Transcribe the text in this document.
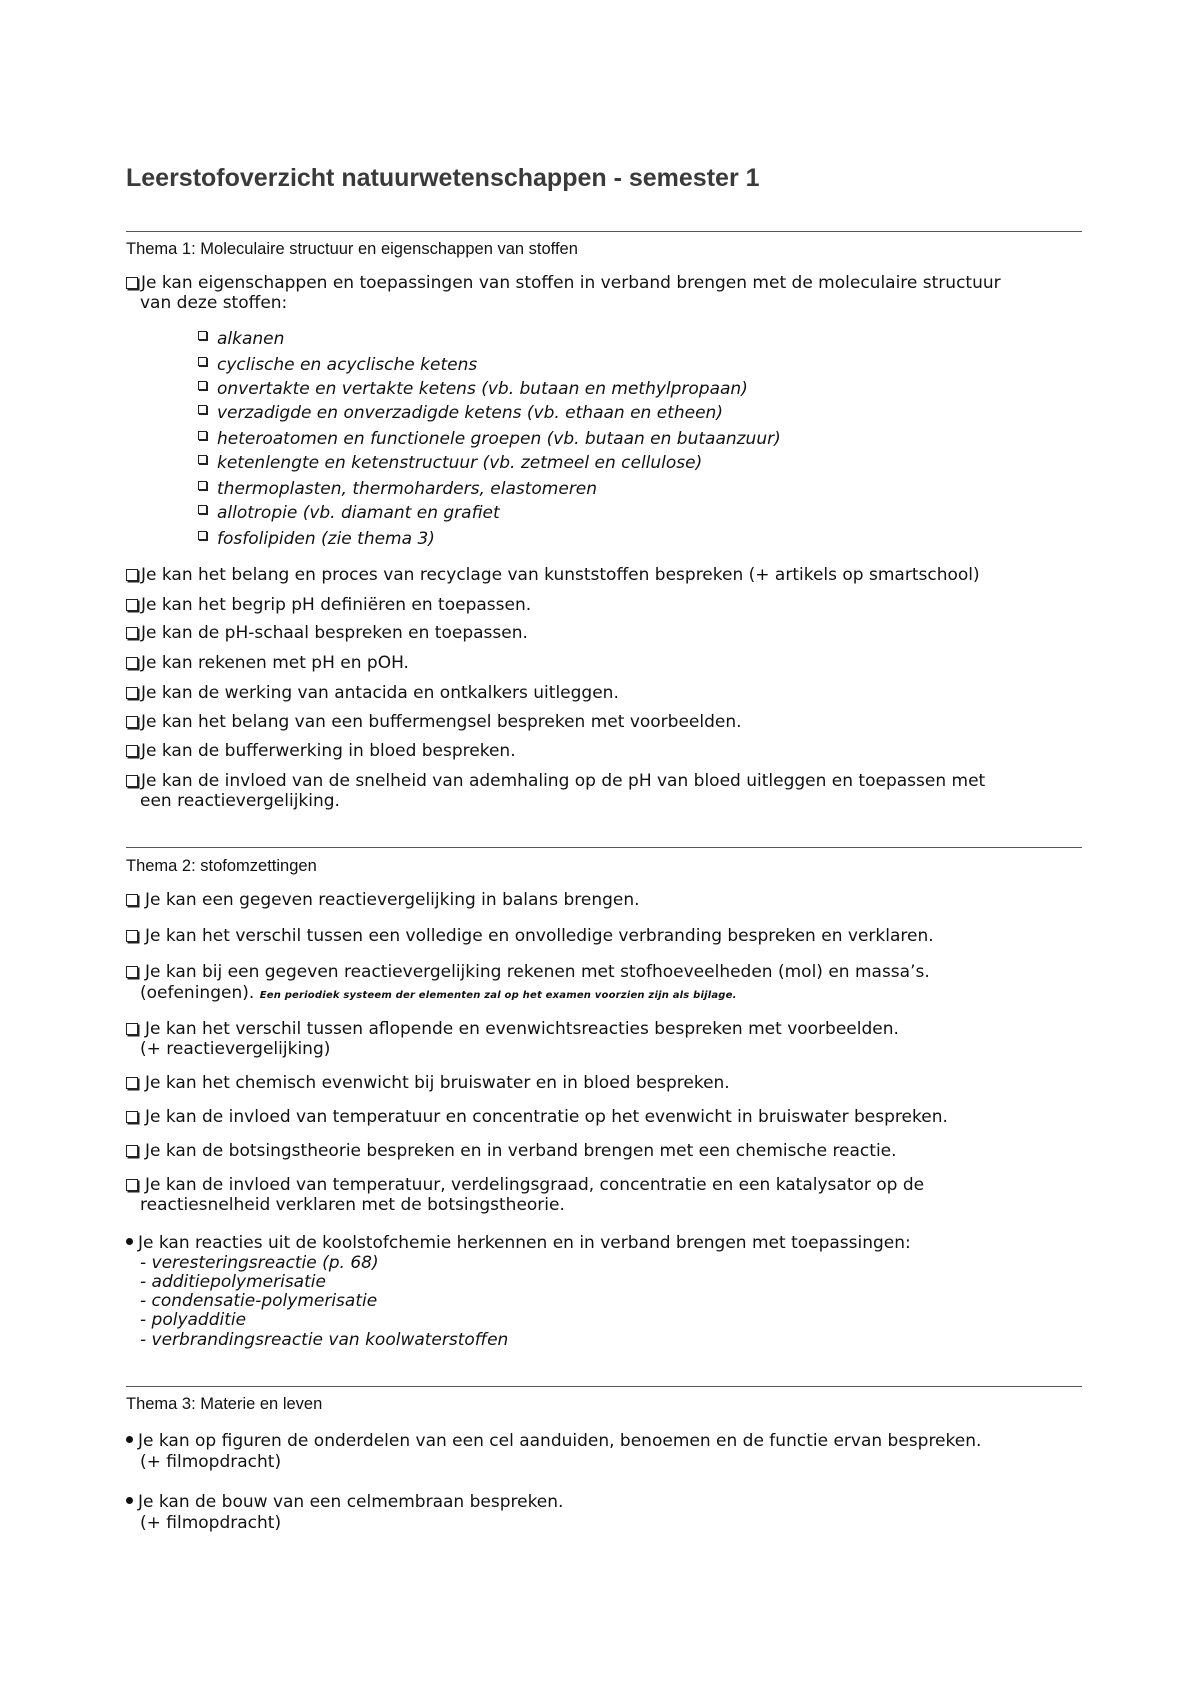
Leerstofoverzicht natuurwetenschappen - semester 1
Thema 1: Moleculaire structuur en eigenschappen van stoffen
Je kan eigenschappen en toepassingen van stoffen in verband brengen met de moleculaire structuur
van deze stoffen:
alkanen
cyclische en acyclische ketens
onvertakte en vertakte ketens (vb. butaan en methylpropaan)
verzadigde en onverzadigde ketens (vb. ethaan en etheen)
heteroatomen en functionele groepen (vb. butaan en butaanzuur)
ketenlengte en ketenstructuur (vb. zetmeel en cellulose)
thermoplasten, thermoharders, elastomeren
allotropie (vb. diamant en grafiet
fosfolipiden (zie thema 3)
Je kan het belang en proces van recyclage van kunststoffen bespreken (+ artikels op smartschool)
Je kan het begrip pH definiëren en toepassen.
Je kan de pH-schaal bespreken en toepassen.
Je kan rekenen met pH en pOH.
Je kan de werking van antacida en ontkalkers uitleggen.
Je kan het belang van een buffermengsel bespreken met voorbeelden.
Je kan de bufferwerking in bloed bespreken.
Je kan de invloed van de snelheid van ademhaling op de pH van bloed uitleggen en toepassen met
een reactievergelijking.
Thema 2: stofomzettingen
Je kan een gegeven reactievergelijking in balans brengen.
Je kan het verschil tussen een volledige en onvolledige verbranding bespreken en verklaren.
Je kan bij een gegeven reactievergelijking rekenen met stofhoeveelheden (mol) en massa’s.
(oefeningen). Een periodiek systeem der elementen zal op het examen voorzien zijn als bijlage.
Je kan het verschil tussen aflopende en evenwichtsreacties bespreken met voorbeelden.
(+ reactievergelijking)
Je kan het chemisch evenwicht bij bruiswater en in bloed bespreken.
Je kan de invloed van temperatuur en concentratie op het evenwicht in bruiswater bespreken.
Je kan de botsingstheorie bespreken en in verband brengen met een chemische reactie.
Je kan de invloed van temperatuur, verdelingsgraad, concentratie en een katalysator op de
reactiesnelheid verklaren met de botsingstheorie.
Je kan reacties uit de koolstofchemie herkennen en in verband brengen met toepassingen:
- veresteringsreactie (p. 68)
- additiepolymerisatie
- condensatie-polymerisatie
- polyadditie
- verbrandingsreactie van koolwaterstoffen
Thema 3: Materie en leven
Je kan op figuren de onderdelen van een cel aanduiden, benoemen en de functie ervan bespreken.
(+ filmopdracht)
Je kan de bouw van een celmembraan bespreken.
(+ filmopdracht)
